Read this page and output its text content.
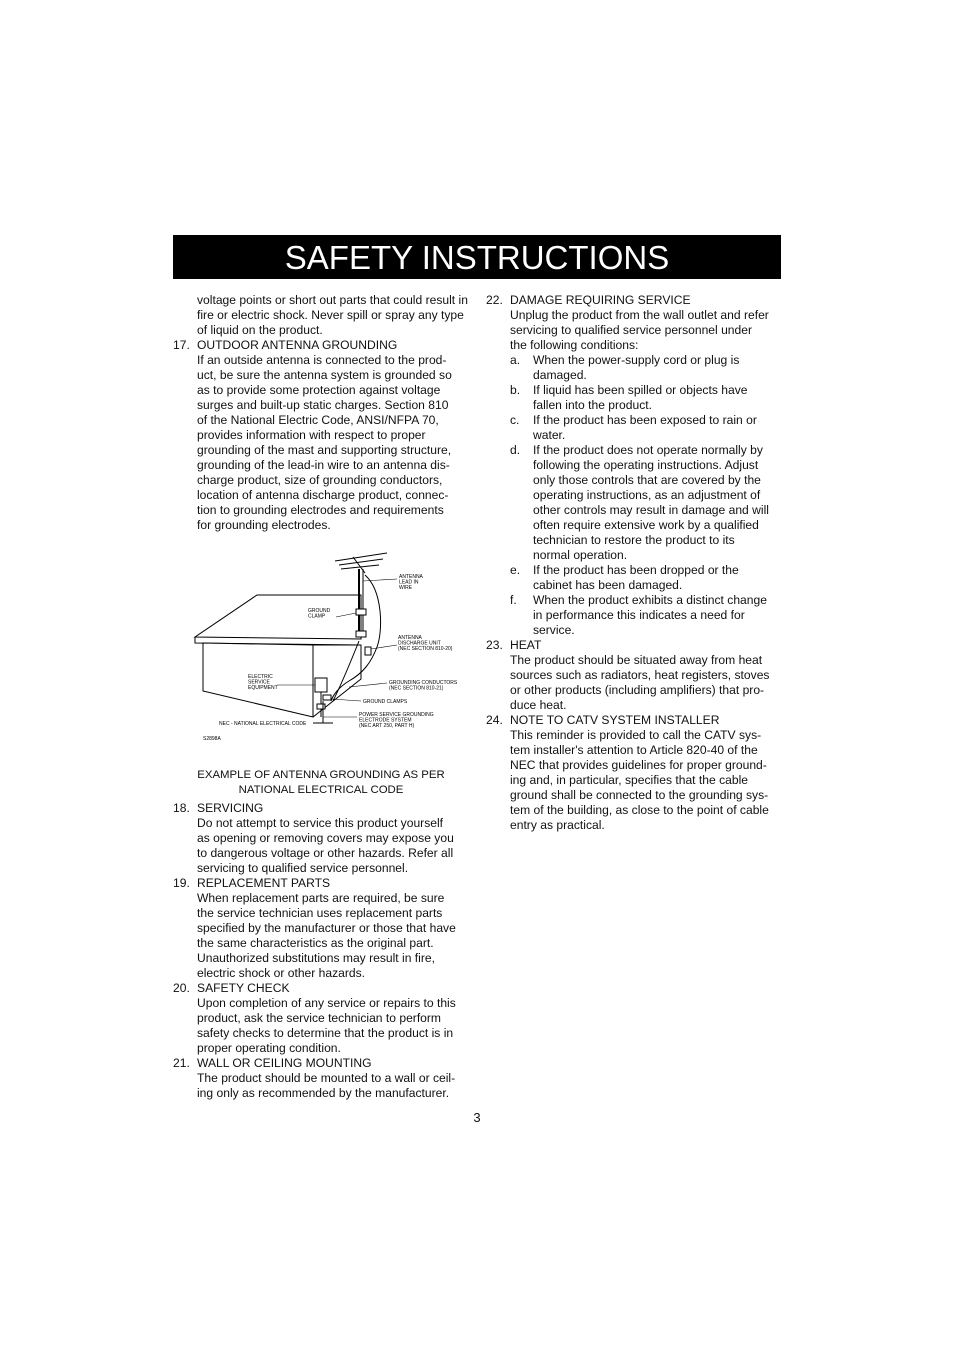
SAFETY INSTRUCTIONS
voltage points or short out parts that could result in
fire or electric shock. Never spill or spray any type
of liquid on the product.
17. OUTDOOR ANTENNA GROUNDING
If an outside antenna is connected to the prod-
uct, be sure the antenna system is grounded so
as to provide some protection against voltage
surges and built-up static charges. Section 810
of the National Electric Code, ANSI/NFPA 70,
provides information with respect to proper
grounding of the mast and supporting structure,
grounding of the lead-in wire to an antenna dis-
charge product, size of grounding conductors,
location of antenna discharge product, connec-
tion to grounding electrodes and requirements
for grounding electrodes.
ANTENNA LEAD IN WIRE
GROUND CLAMP
ANTENNA DISCHARGE UNIT (NEC SECTION 810-20)
ELECTRIC SERVICE EQUIPMENT
GROUNDING CONDUCTORS (NEC SECTION 810-21)
GROUND CLAMPS
POWER SERVICE GROUNDING ELECTRODE SYSTEM (NEC ART 250, PART H)
NEC - NATIONAL ELECTRICAL CODE
S2898A
EXAMPLE OF ANTENNA GROUNDING AS PER
NATIONAL ELECTRICAL CODE
18. SERVICING
Do not attempt to service this product yourself
as opening or removing covers may expose you
to dangerous voltage or other hazards. Refer all
servicing to qualified service personnel.
19. REPLACEMENT PARTS
When replacement parts are required, be sure
the service technician uses replacement parts
specified by the manufacturer or those that have
the same characteristics as the original part.
Unauthorized substitutions may result in fire,
electric shock or other hazards.
20. SAFETY CHECK
Upon completion of any service or repairs to this
product, ask the service technician to perform
safety checks to determine that the product is in
proper operating condition.
21. WALL OR CEILING MOUNTING
The product should be mounted to a wall or ceil-
ing only as recommended by the manufacturer.
22. DAMAGE REQUIRING SERVICE
Unplug the product from the wall outlet and refer
servicing to qualified service personnel under
the following conditions:
a.	When the power-supply cord or plug is
damaged.
b.	If liquid has been spilled or objects have
fallen into the product.
c.	If the product has been exposed to rain or
water.
d.	If the product does not operate normally by
following the operating instructions. Adjust
only those controls that are covered by the
operating instructions, as an adjustment of
other controls may result in damage and will
often require extensive work by a qualified
technician to restore the product to its
normal operation.
e.	If the product has been dropped or the
cabinet has been damaged.
f.	When the product exhibits a distinct change
in performance this indicates a need for
service.
23. HEAT
The product should be situated away from heat
sources such as radiators, heat registers, stoves
or other products (including amplifiers) that pro-
duce heat.
24. NOTE TO CATV SYSTEM INSTALLER
This reminder is provided to call the CATV sys-
tem installer's attention to Article 820-40 of the
NEC that provides guidelines for proper ground-
ing and, in particular, specifies that the cable
ground shall be connected to the grounding sys-
tem of the building, as close to the point of cable
entry as practical.
3
